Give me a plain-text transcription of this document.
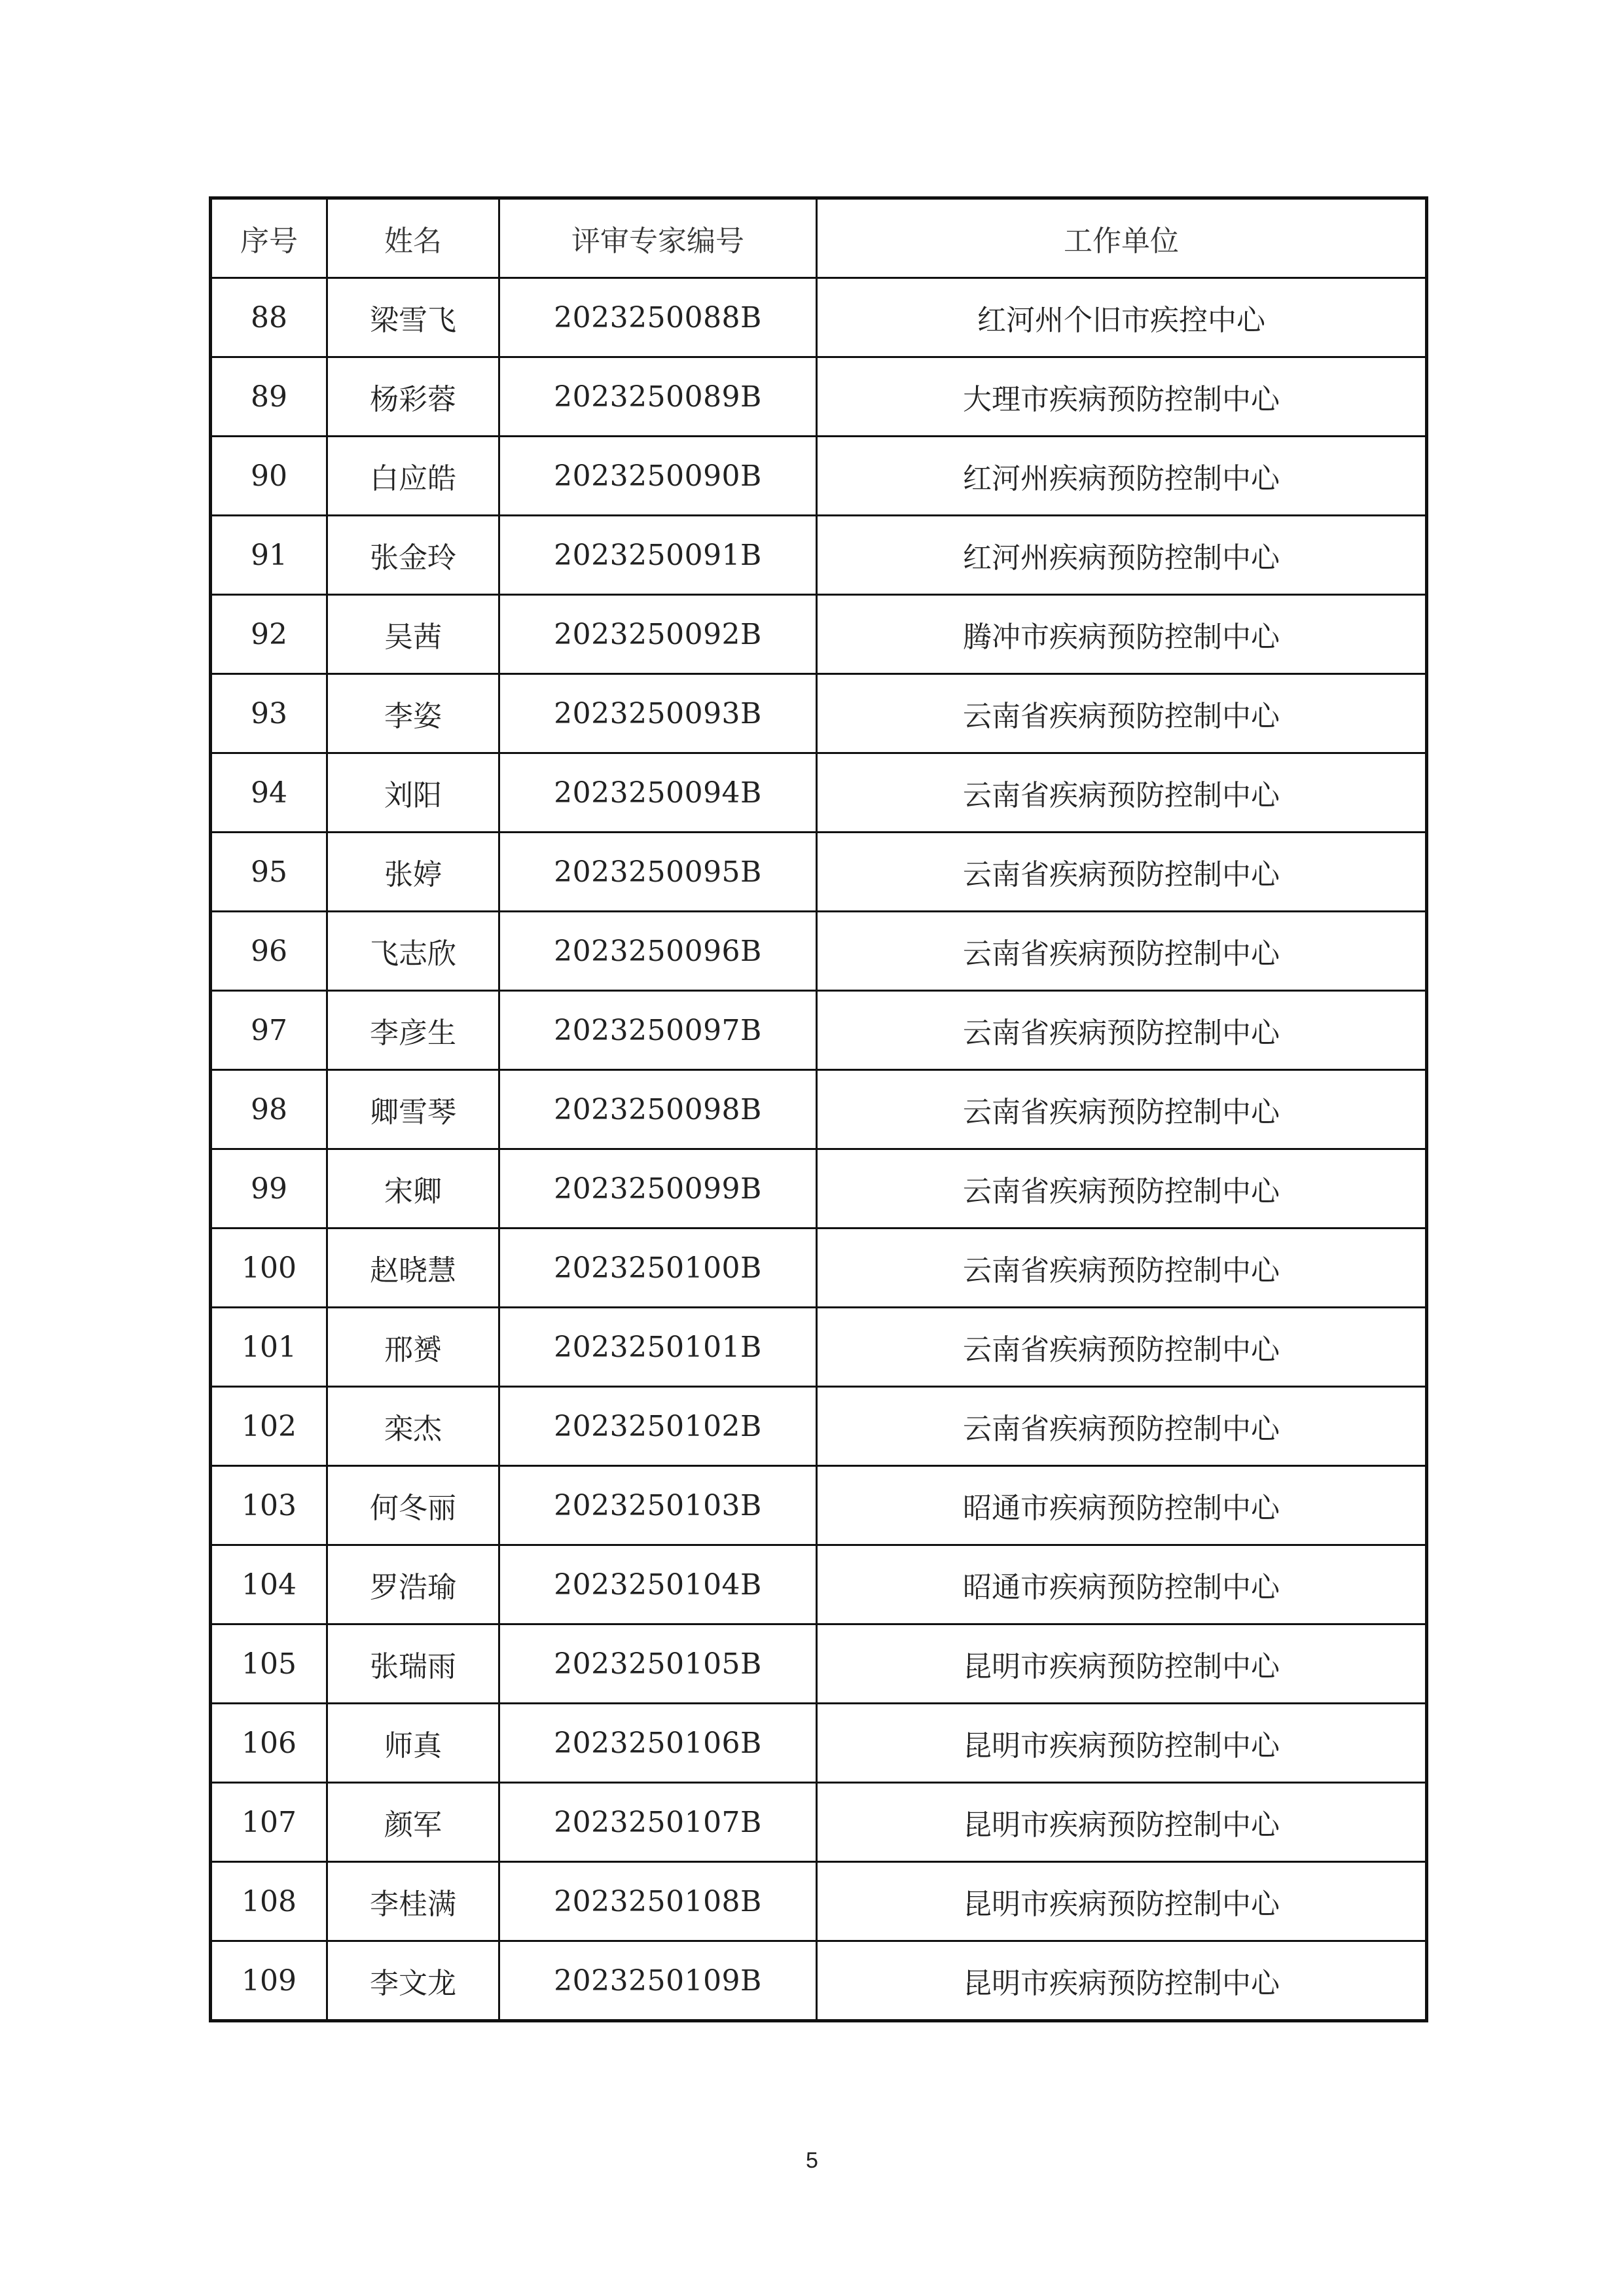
序号	姓名	评审专家编号	工作单位
88	梁雪飞	2023250088B	红河州个旧市疾控中心
89	杨彩蓉	2023250089B	大理市疾病预防控制中心
90	白应皓	2023250090B	红河州疾病预防控制中心
91	张金玲	2023250091B	红河州疾病预防控制中心
92	吴茜	2023250092B	腾冲市疾病预防控制中心
93	李姿	2023250093B	云南省疾病预防控制中心
94	刘阳	2023250094B	云南省疾病预防控制中心
95	张婷	2023250095B	云南省疾病预防控制中心
96	飞志欣	2023250096B	云南省疾病预防控制中心
97	李彦生	2023250097B	云南省疾病预防控制中心
98	卿雪琴	2023250098B	云南省疾病预防控制中心
99	宋卿	2023250099B	云南省疾病预防控制中心
100	赵晓慧	2023250100B	云南省疾病预防控制中心
101	邢赟	2023250101B	云南省疾病预防控制中心
102	栾杰	2023250102B	云南省疾病预防控制中心
103	何冬丽	2023250103B	昭通市疾病预防控制中心
104	罗浩瑜	2023250104B	昭通市疾病预防控制中心
105	张瑞雨	2023250105B	昆明市疾病预防控制中心
106	师真	2023250106B	昆明市疾病预防控制中心
107	颜军	2023250107B	昆明市疾病预防控制中心
108	李桂满	2023250108B	昆明市疾病预防控制中心
109	李文龙	2023250109B	昆明市疾病预防控制中心
5
